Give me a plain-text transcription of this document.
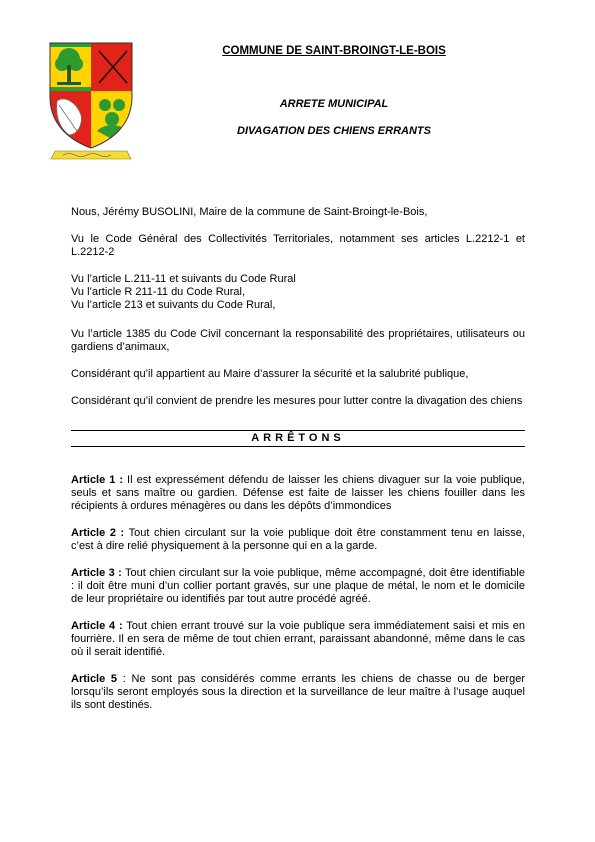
COMMUNE DE SAINT-BROINGT-LE-BOIS
ARRETE MUNICIPAL
DIVAGATION DES CHIENS ERRANTS

Nous, Jérémy BUSOLINI, Maire de la commune de Saint-Broingt-le-Bois,

Vu le Code Général des Collectivités Territoriales, notamment ses articles L.2212-1 et L.2212-2

Vu l’article L.211-11 et suivants du Code Rural
Vu l’article R 211-11 du Code Rural,
Vu l’article 213 et suivants du Code Rural,

Vu l’article 1385 du Code Civil concernant la responsabilité des propriétaires, utilisateurs ou gardiens d’animaux,

Considérant qu’il appartient au Maire d’assurer la sécurité et la salubrité publique,

Considérant qu’il convient de prendre les mesures pour lutter contre la divagation des chiens

ARRÊTONS

Article 1 : Il est expressément défendu de laisser les chiens divaguer sur la voie publique, seuls et sans maître ou gardien. Défense est faite de laisser les chiens fouiller dans les récipients à ordures ménagères ou dans les dépôts d’immondices

Article 2 : Tout chien circulant sur la voie publique doit être constamment tenu en laisse, c’est à dire relié physiquement à la personne qui en a la garde.

Article 3 : Tout chien circulant sur la voie publique, même accompagné, doit être identifiable : il doit être muni d’un collier portant gravés, sur une plaque de métal, le nom et le domicile de leur propriétaire ou identifiés par tout autre procédé agréé.

Article 4 : Tout chien errant trouvé sur la voie publique sera immédiatement saisi et mis en fourrière. Il en sera de même de tout chien errant, paraissant abandonné, même dans le cas où il serait identifié.

Article 5 : Ne sont pas considérés comme errants les chiens de chasse ou de berger lorsqu’ils seront employés sous la direction et la surveillance de leur maître à l’usage auquel ils sont destinés.
